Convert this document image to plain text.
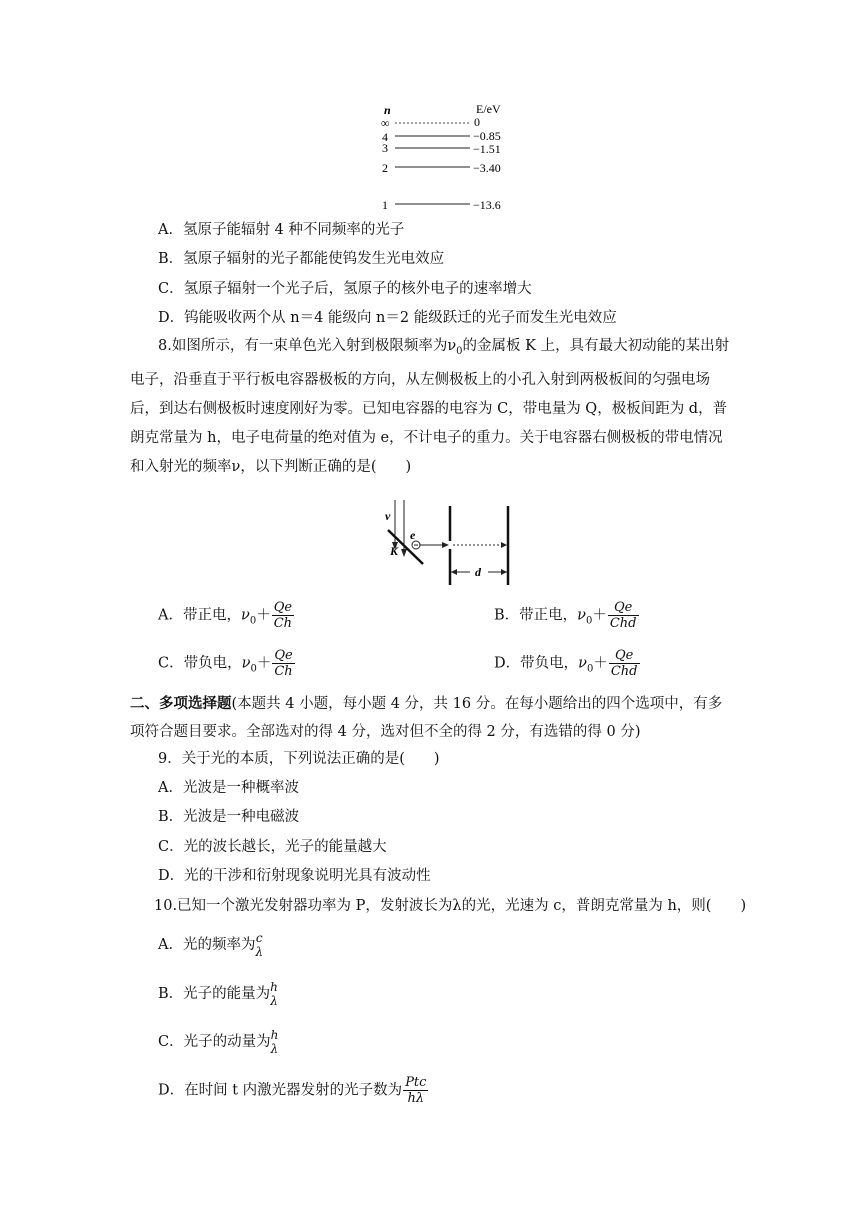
n	E/eV
∞	0
4	−0.85
3	−1.51
2	−3.40
1	−13.6
A．氢原子能辐射 4 种不同频率的光子
B．氢原子辐射的光子都能使钨发生光电效应
C．氢原子辐射一个光子后，氢原子的核外电子的速率增大
D．钨能吸收两个从 n＝4 能级向 n＝2 能级跃迁的光子而发生光电效应
8.如图所示，有一束单色光入射到极限频率为$\nu_0$的金属板 K 上，具有最大初动能的某出射电子，沿垂直于平行板电容器极板的方向，从左侧极板上的小孔入射到两极板间的匀强电场后，到达右侧极板时速度刚好为零。已知电容器的电容为 C，带电量为 Q，极板间距为 d，普朗克常量为 h，电子电荷量的绝对值为 e，不计电子的重力。关于电容器右侧极板的带电情况和入射光的频率ν，以下判断正确的是(　　)
ν
K
e
d
A．带正电，$\nu_0+ \frac{Qe}{Ch}$	B．带正电，$\nu_0+ \frac{Qe}{\text{Chd}}$
C．带负电，$\nu_0+ \frac{Qe}{Ch}$	D．带负电，$\nu_0+ \frac{Qe}{\text{Chd}}$
二、多项选择题(本题共 4 小题，每小题 4 分，共 16 分。在每小题给出的四个选项中，有多项符合题目要求。全部选对的得 4 分，选对但不全的得 2 分，有选错的得 0 分)
9．关于光的本质，下列说法正确的是(　　)
A．光波是一种概率波
B．光波是一种电磁波
C．光的波长越长，光子的能量越大
D．光的干涉和衍射现象说明光具有波动性
10.已知一个激光发射器功率为 P，发射波长为λ的光，光速为 c，普朗克常量为 h，则(　　)
A．光的频率为 c
λ
B．光子的能量为 h
λ
C．光子的动量为 h
λ
D．在时间 t 内激光器发射的光子数为 $\frac{\text{Ptc}}{h\lambda}$
